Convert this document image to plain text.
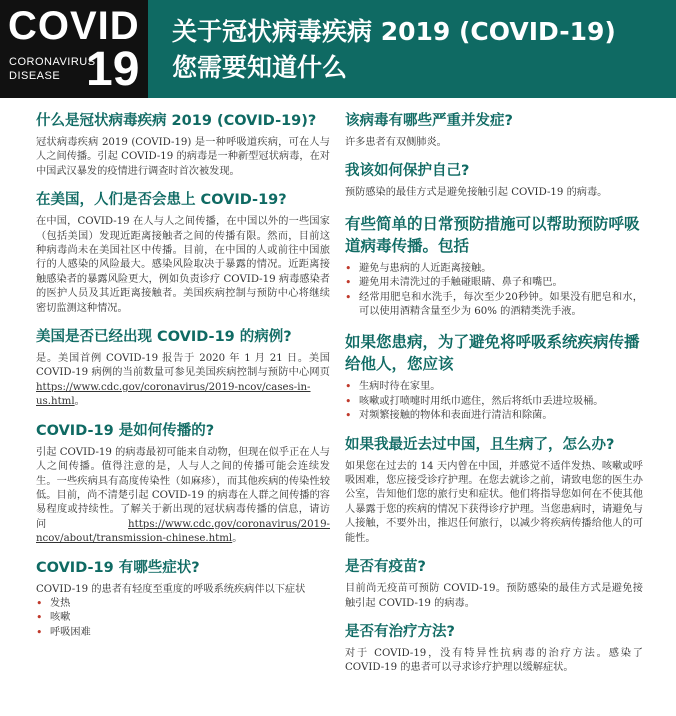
COVID
CORONAVIRUS
DISEASE 19
关于冠状病毒疾病 2019 (COVID-19)
您需要知道什么
什么是冠状病毒疾病 2019 (COVID-19)?
冠状病毒疾病 2019 (COVID-19) 是一种呼吸道疾病，可在人与人之间传播。引起 COVID-19 的病毒是一种新型冠状病毒，在对中国武汉暴发的疫情进行调查时首次被发现。
在美国，人们是否会患上 COVID-19?
在中国，COVID-19 在人与人之间传播，在中国以外的一些国家（包括美国）发现近距离接触者之间的传播有限。然而，目前这种病毒尚未在美国社区中传播。目前，在中国的人或前往中国旅行的人感染的风险最大。感染风险取决于暴露的情况。近距离接触感染者的暴露风险更大，例如负责诊疗 COVID-19 病毒感染者的医护人员及其近距离接触者。美国疾病控制与预防中心将继续密切监测这种情况。
美国是否已经出现 COVID-19 的病例?
是。美国首例 COVID-19 报告于 2020 年 1 月 21 日。美国 COVID-19 病例的当前数量可参见美国疾病控制与预防中心网页 https://www.cdc.gov/coronavirus/2019-ncov/cases-in-us.html。
COVID-19 是如何传播的?
引起 COVID-19 的病毒最初可能来自动物，但现在似乎正在人与人之间传播。值得注意的是，人与人之间的传播可能会连续发生。一些疾病具有高度传染性（如麻疹），而其他疾病的传染性较低。目前，尚不清楚引起 COVID-19 的病毒在人群之间传播的容易程度或持续性。了解关于新出现的冠状病毒传播的信息，请访问	https://www.cdc.gov/coronavirus/2019-ncov/about/transmission-chinese.html。
COVID-19 有哪些症状?
COVID-19 的患者有轻度至重度的呼吸系统疾病伴以下症状
• 发热
• 咳嗽
• 呼吸困难
该病毒有哪些严重并发症?
许多患者有双侧肺炎。
我该如何保护自己?
预防感染的最佳方式是避免接触引起 COVID-19 的病毒。
有些简单的日常预防措施可以帮助预防呼吸道病毒传播。包括
• 避免与患病的人近距离接触。
• 避免用未清洗过的手触碰眼睛、鼻子和嘴巴。
• 经常用肥皂和水洗手，每次至少20秒钟。如果没有肥皂和水，可以使用酒精含量至少为 60% 的酒精类洗手液。
如果您患病，为了避免将呼吸系统疾病传播给他人，您应该
• 生病时待在家里。
• 咳嗽或打喷嚏时用纸巾遮住，然后将纸巾丢进垃圾桶。
• 对频繁接触的物体和表面进行清洁和除菌。
如果我最近去过中国，且生病了，怎么办?
如果您在过去的 14 天内曾在中国，并感觉不适伴发热、咳嗽或呼吸困难，您应接受诊疗护理。在您去就诊之前，请致电您的医生办公室，告知他们您的旅行史和症状。他们将指导您如何在不使其他人暴露于您的疾病的情况下获得诊疗护理。当您患病时，请避免与人接触，不要外出，推迟任何旅行，以减少将疾病传播给他人的可能性。
是否有疫苗?
目前尚无疫苗可预防 COVID-19。预防感染的最佳方式是避免接触引起 COVID-19 的病毒。
是否有治疗方法?
对于 COVID-19，没有特异性抗病毒的治疗方法。感染了 COVID-19 的患者可以寻求诊疗护理以缓解症状。
